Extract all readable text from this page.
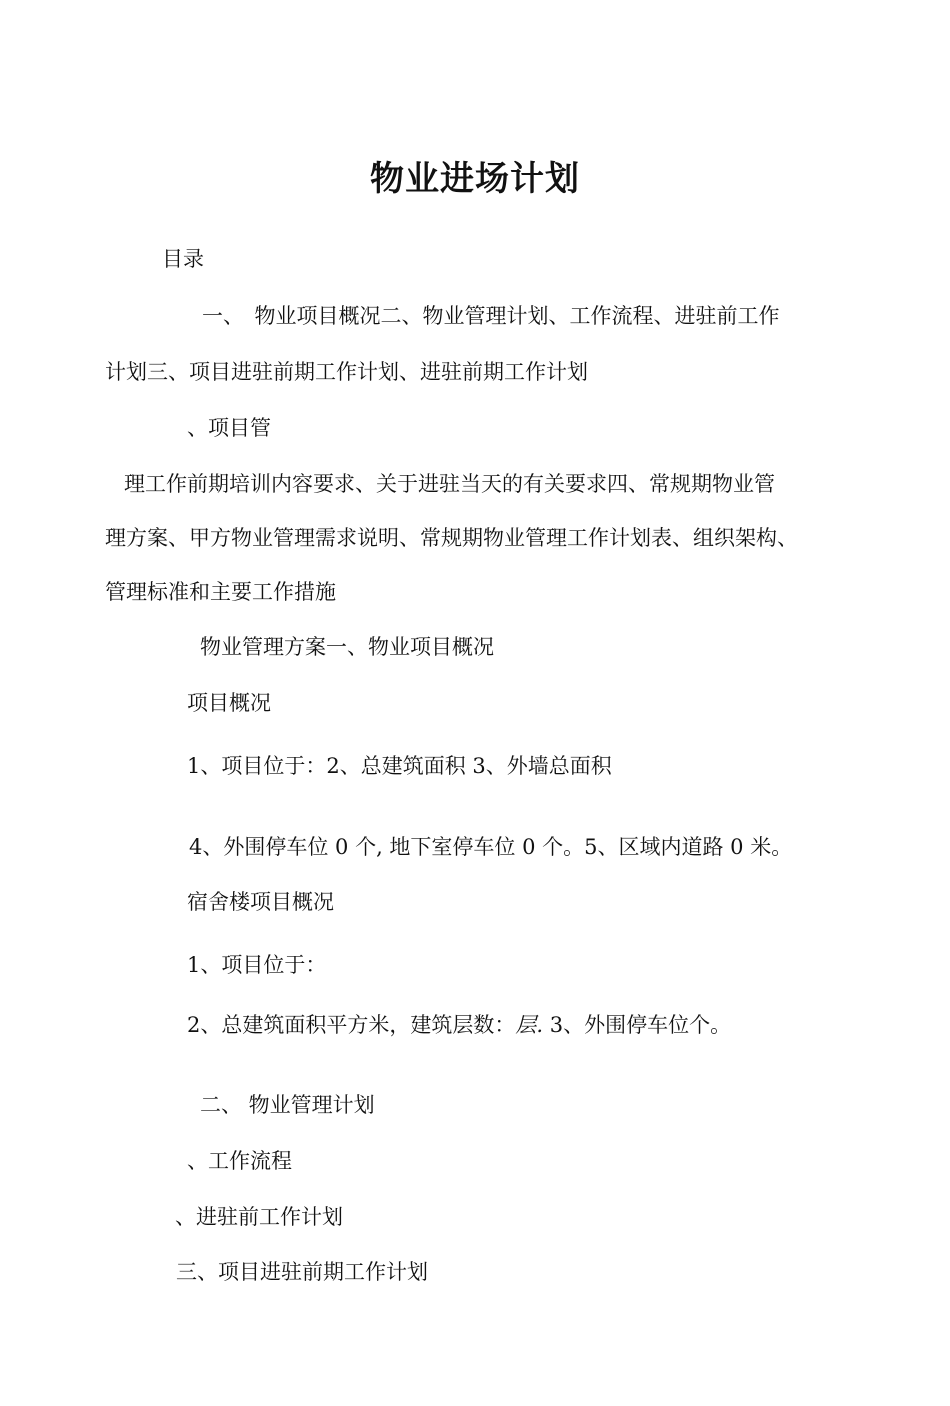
物业进场计划
目录
一、　物业项目概况二、物业管理计划、工作流程、进驻前工作
计划三、项目进驻前期工作计划、进驻前期工作计划
、项目管
理工作前期培训内容要求、关于进驻当天的有关要求四、常规期物业管
理方案、甲方物业管理需求说明、常规期物业管理工作计划表、组织架构、
管理标准和主要工作措施
物业管理方案一、物业项目概况
项目概况
1、项目位于：2、总建筑面积 3、外墙总面积
4、外围停车位 0 个, 地下室停车位 0 个。5、区域内道路 0 米。
宿舍楼项目概况
1、项目位于：
2、总建筑面积平方米，建筑层数：层. 3、外围停车位个。
二、 物业管理计划
、工作流程
、进驻前工作计划
三、项目进驻前期工作计划
